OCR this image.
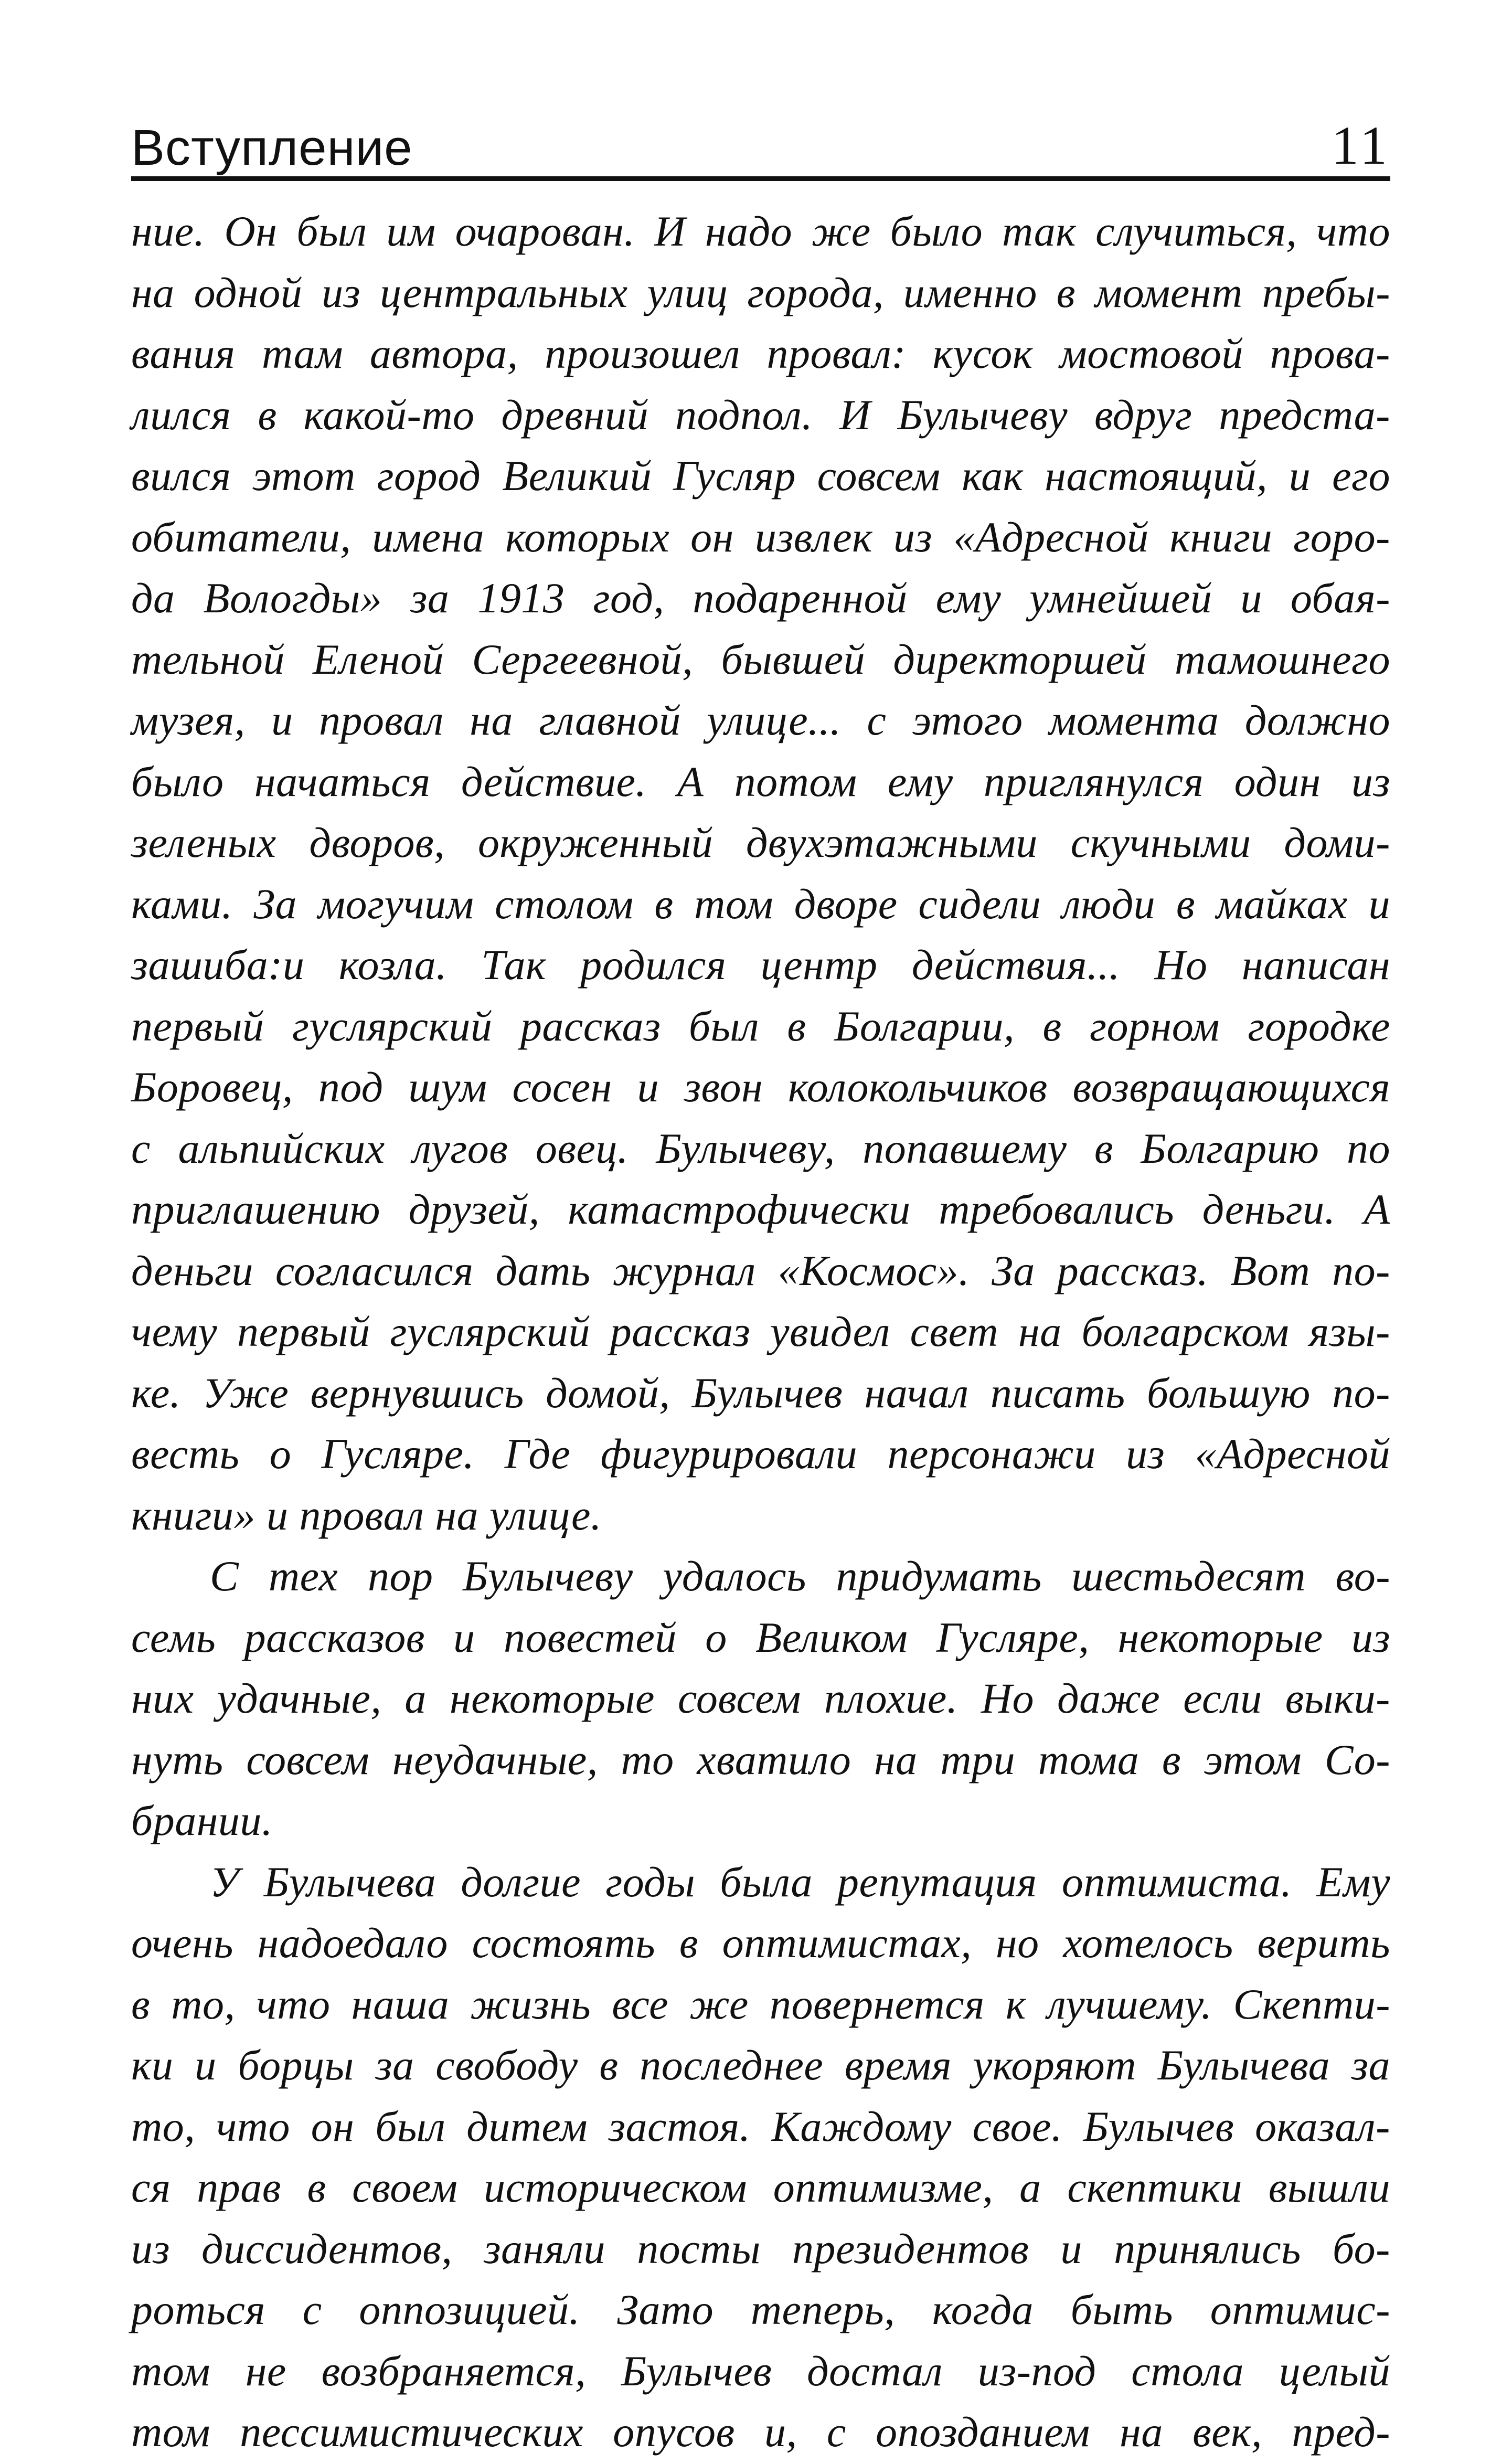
Вступление	11
ние. Он был им очарован. И надо же было так случиться, что
на одной из центральных улиц города, именно в момент пребы-
вания там автора, произошел провал: кусок мостовой прова-
лился в какой-то древний подпол. И Булычеву вдруг предста-
вился этот город Великий Гусляр совсем как настоящий, и его
обитатели, имена которых он извлек из «Адресной книги горо-
да Вологды» за 1913 год, подаренной ему умнейшей и обая-
тельной Еленой Сергеевной, бывшей директоршей тамошнего
музея, и провал на главной улице... с этого момента должно
было начаться действие. А потом ему приглянулся один из
зеленых дворов, окруженный двухэтажными скучными доми-
ками. За могучим столом в том дворе сидели люди в майках и
зашиба:и козла. Так родился центр действия... Но написан
первый гуслярский рассказ был в Болгарии, в горном городке
Боровец, под шум сосен и звон колокольчиков возвращающихся
с альпийских лугов овец. Булычеву, попавшему в Болгарию по
приглашению друзей, катастрофически требовались деньги. А
деньги согласился дать журнал «Космос». За рассказ. Вот по-
чему первый гуслярский рассказ увидел свет на болгарском язы-
ке. Уже вернувшись домой, Булычев начал писать большую по-
весть о Гусляре. Где фигурировали персонажи из «Адресной
книги» и провал на улице.
С тех пор Булычеву удалось придумать шестьдесят во-
семь рассказов и повестей о Великом Гусляре, некоторые из
них удачные, а некоторые совсем плохие. Но даже если выки-
нуть совсем неудачные, то хватило на три тома в этом Со-
брании.
У Булычева долгие годы была репутация оптимиста. Ему
очень надоедало состоять в оптимистах, но хотелось верить
в то, что наша жизнь все же повернется к лучшему. Скепти-
ки и борцы за свободу в последнее время укоряют Булычева за
то, что он был дитем застоя. Каждому свое. Булычев оказал-
ся прав в своем историческом оптимизме, а скептики вышли
из диссидентов, заняли посты президентов и принялись бо-
роться с оппозицией. Зато теперь, когда быть оптимис-
том не возбраняется, Булычев достал из-под стола целый
том пессимистических опусов и, с опозданием на век, пред-
